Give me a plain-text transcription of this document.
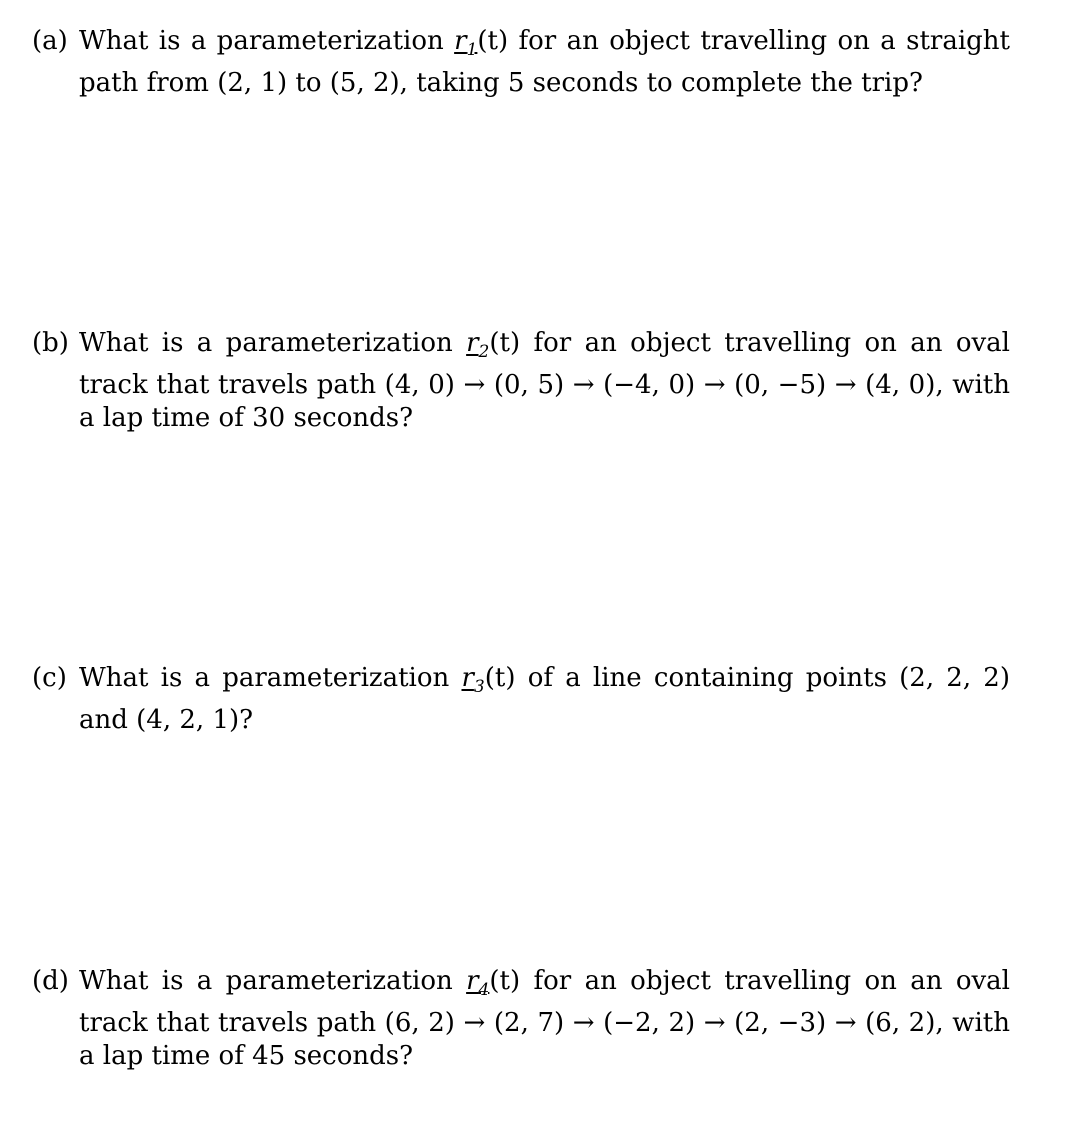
(a) What is a parameterization $r_1(t)$ for an object travelling on a straight path from (2, 1) to (5, 2), taking 5 seconds to complete the trip?
(b) What is a parameterization $r_2(t)$ for an object travelling on an oval track that travels path (4, 0) → (0, 5) → (−4, 0) → (0, −5) → (4, 0), with a lap time of 30 seconds?
(c) What is a parameterization $r_3(t)$ of a line containing points (2, 2, 2) and (4, 2, 1)?
(d) What is a parameterization $r_4(t)$ for an object travelling on an oval track that travels path (6, 2) → (2, 7) → (−2, 2) → (2, −3) → (6, 2), with a lap time of 45 seconds?
